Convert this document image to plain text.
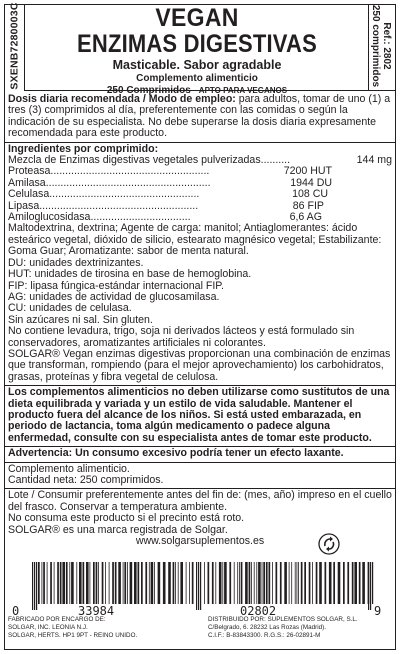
SXENB7280003C	Ref.: 2802
250 comprimidos
VEGAN
ENZIMAS DIGESTIVAS
Masticable. Sabor agradable
Complemento alimenticio
250 Comprimidos APTO PARA VEGANOS

Dosis diaria recomendada / Modo de empleo: para adultos, tomar de uno (1) a tres (3) comprimidos al día, preferentemente con las comidas o según la indicación de su especialista. No debe superarse la dosis diaria expresamente recomendada para este producto.

Ingredientes por comprimido:

Mezcla de Enzimas digestivas vegetales pulverizadas ..........	144 mg
Proteasa ......................................................	7200 HUT
Amilasa ........................................................	1944 DU
Celulasa ...................................................	108 CU
Lipasa ......................................................	86 FIP
Amiloglucosidasa ..................................	6,6 AG

Maltodextrina, dextrina; Agente de carga: manitol; Antiaglomerantes: ácido esteárico vegetal, dióxido de silicio, estearato magnésico vegetal; Estabilizante: Goma Guar; Aromatizante: sabor de menta natural.

DU: unidades dextrinizantes.

HUT: unidades de tirosina en base de hemoglobina.

FIP: lipasa fúngica-estándar internacional FIP.

AG: unidades de actividad de glucosamilasa.

CU: unidades de celulasa.

Sin azúcares ni sal. Sin gluten.

No contiene levadura, trigo, soja ni derivados lácteos y está formulado sin conservadores, aromatizantes artificiales ni colorantes.

SOLGAR® Vegan enzimas digestivas proporcionan una combinación de enzimas que transforman, rompiendo (para el mejor aprovechamiento) los carbohidratos, grasas, proteínas y fibra vegetal de celulosa.

Los complementos alimenticios no deben utilizarse como sustitutos de una dieta equilibrada y variada y un estilo de vida saludable. Mantener el producto fuera del alcance de los niños. Si está usted embarazada, en periodo de lactancia, toma algún medicamento o padece alguna enfermedad, consulte con su especialista antes de tomar este producto.

Advertencia: Un consumo excesivo podría tener un efecto laxante.

Complemento alimenticio.

Cantidad neta: 250 comprimidos.

Lote / Consumir preferentemente antes del fin de: (mes, año) impreso en el cuello del frasco. Conservar a temperatura ambiente.

No consuma este producto si el precinto está roto.

SOLGAR® es una marca registrada de Solgar.

www.solgarsuplementos.es

0	33984	02802	9
FABRICADO POR ENCARGO DE:
SOLGAR, INC. LEONIA N.J.
SOLGAR, HERTS. HP1 9PT - REINO UNIDO.
DISTRIBUIDO POR: SUPLEMENTOS SOLGAR, S.L.
C/Belgrado, 6. 28232 Las Rozas (Madrid).
C.I.F.: B-83843300. R.G.S.: 26-02891-M
